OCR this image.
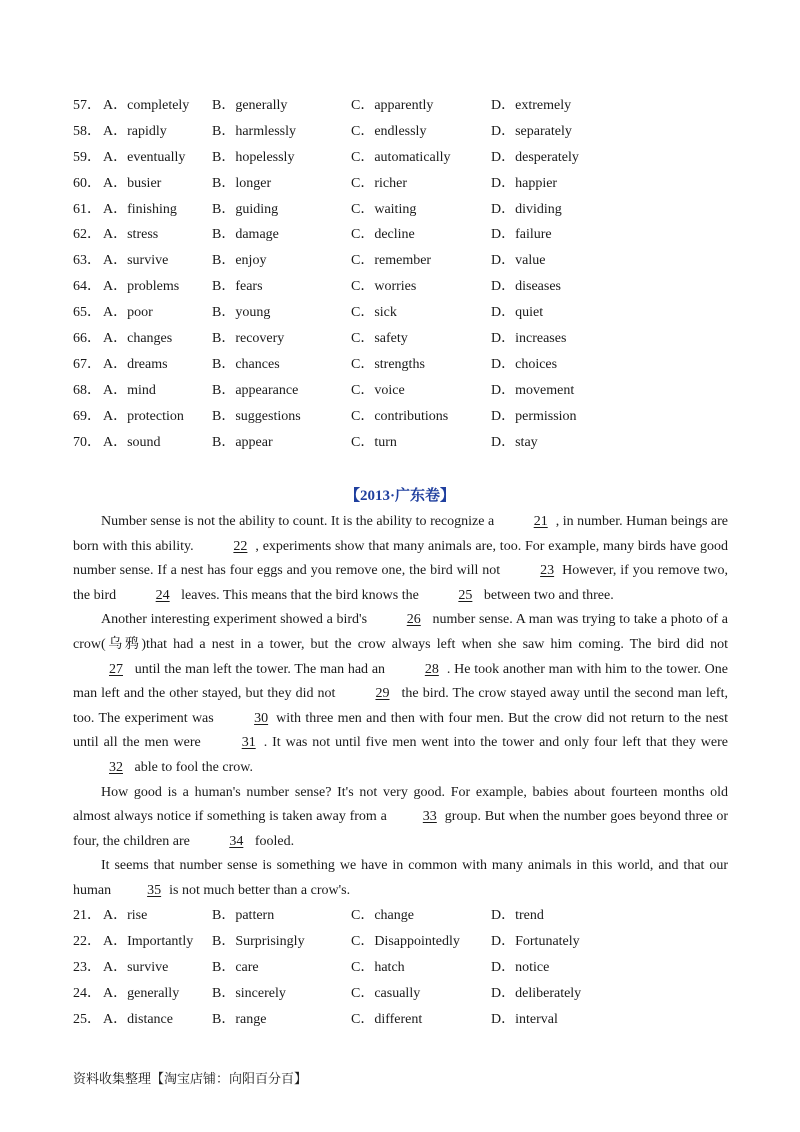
57． A．completely B．generally	C．apparently	D．extremely
58． A．rapidly	B．harmlessly	C．endlessly	D．separately
59． A．eventually B．hopelessly	C．automatically	D．desperately
60． A．busier	B．longer	C．richer	D．happier
61． A．finishing	B．guiding	C．waiting	D．dividing
62． A．stress	B．damage	C．decline	D．failure
63． A．survive	B．enjoy	C．remember	D．value
64． A．problems B．fears	C．worries	D．diseases
65． A．poor	B．young	C．sick	D．quiet
66． A．changes	B．recovery	C．safety	D．increases
67． A．dreams	B．chances	C．strengths	D．choices
68． A．mind	B．appearance	C．voice	D．movement
69． A．protection B．suggestions	C．contributions	D．permission
70． A．sound	B．appear	C．turn	D．stay
【2013·广东卷】

Number sense is not the ability to count. It is the ability to recognize a	21 , in number. Human beings are born with this ability.	22 , experiments show that many animals are, too. For example, many birds have good number sense. If a nest has four eggs and you remove one, the bird will not	23 However, if you remove two, the bird	24 leaves. This means that the bird knows the	25 between two and three.

Another interesting experiment showed a bird's	26 number sense. A man was trying to take a photo of a crow(乌鸦)that had a nest in a tower, but the crow always left when she saw him coming. The bird did not 27 until the man left the tower. The man had an	28 . He took another man with him to the tower. One man left and the other stayed, but they did not	29 the bird. The crow stayed away until the second man left, too. The experiment was	30 with three men and then with four men. But the crow did not return to the nest until all the men were	31 . It was not until five men went into the tower and only four left that they were 32 able to fool the crow.

How good is a human's number sense? It's not very good. For example, babies about fourteen months old almost always notice if something is taken away from a	33 group. But when the number goes beyond three or four, the children are	34 fooled.

It seems that number sense is something we have in common with many animals in this world, and that our human	35 is not much better than a crow's.

21． A．rise	B．pattern	C．change	D．trend
22． A．Importantly B．Surprisingly	C．Disappointedly D．Fortunately
23． A．survive	B．care	C．hatch	D．notice
24． A．generally B．sincerely	C．casually	D．deliberately
25． A．distance	B．range	C．different	D．interval
资料收集整理【淘宝店铺：向阳百分百】
